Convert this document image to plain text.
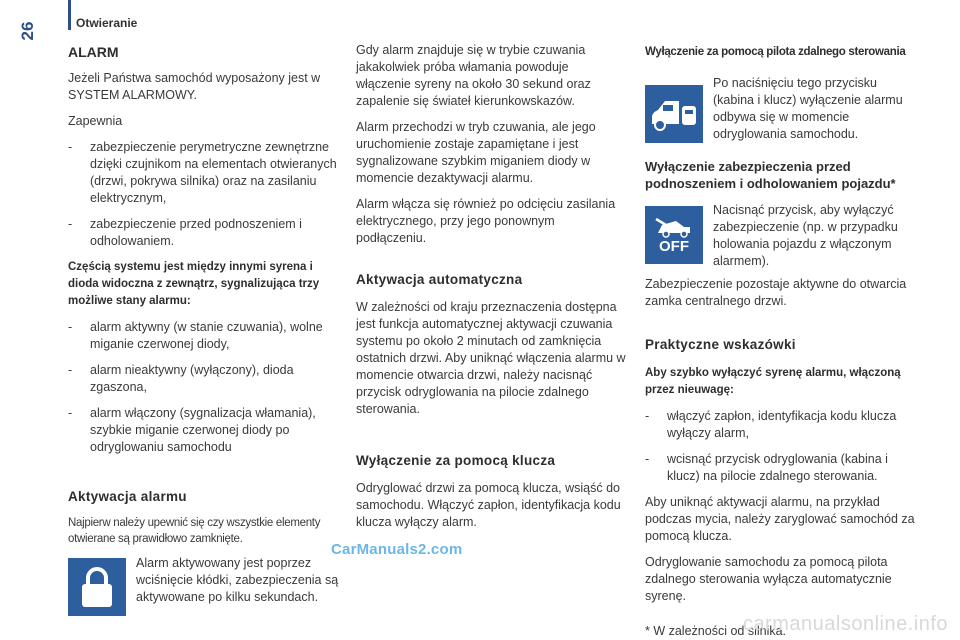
26	Otwieranie
ALARM
Jeżeli Państwa samochód wyposażony jest w SYSTEM ALARMOWY.
Zapewnia
-	zabezpieczenie perymetryczne zewnętrzne dzięki czujnikom na elementach otwieranych (drzwi, pokrywa silnika) oraz na zasilaniu elektrycznym,
-	zabezpieczenie przed podnoszeniem i odholowaniem.
Częścią systemu jest między innymi syrena i dioda widoczna z zewnątrz, sygnalizująca trzy możliwe stany alarmu:
-	alarm aktywny (w stanie czuwania), wolne miganie czerwonej diody,
-	alarm nieaktywny (wyłączony), dioda zgaszona,
-	alarm włączony (sygnalizacja włamania), szybkie miganie czerwonej diody po odryglowaniu samochodu
Aktywacja alarmu
Najpierw należy upewnić się czy wszystkie elementy otwierane są prawidłowo zamknięte.
Alarm aktywowany jest poprzez wciśnięcie kłódki, zabezpieczenia są aktywowane po kilku sekundach.
Gdy alarm znajduje się w trybie czuwania jakakolwiek próba włamania powoduje włączenie syreny na około 30 sekund oraz zapalenie się świateł kierunkowskazów.
Alarm przechodzi w tryb czuwania, ale jego uruchomienie zostaje zapamiętane i jest sygnalizowane szybkim miganiem diody w momencie dezaktywacji alarmu.
Alarm włącza się również po odcięciu zasilania elektrycznego, przy jego ponownym podłączeniu.
Aktywacja automatyczna
W zależności od kraju przeznaczenia dostępna jest funkcja automatycznej aktywacji czuwania systemu po około 2 minutach od zamknięcia ostatnich drzwi. Aby uniknąć włączenia alarmu w momencie otwarcia drzwi, należy nacisnąć przycisk odryglowania na pilocie zdalnego sterowania.
Wyłączenie za pomocą klucza
Odryglować drzwi za pomocą klucza, wsiąść do samochodu. Włączyć zapłon, identyfikacja kodu klucza wyłączy alarm.
Wyłączenie za pomocą pilota zdalnego sterowania
Po naciśnięciu tego przycisku (kabina i klucz) wyłączenie alarmu odbywa się w momencie odryglowania samochodu.
Wyłączenie zabezpieczenia przed podnoszeniem i odholowaniem pojazdu*
OFF
Nacisnąć przycisk, aby wyłączyć zabezpieczenie (np. w przypadku holowania pojazdu z włączonym alarmem).
Zabezpieczenie pozostaje aktywne do otwarcia zamka centralnego drzwi.
Praktyczne wskazówki
Aby szybko wyłączyć syrenę alarmu, włączoną przez nieuwagę:
-	włączyć zapłon, identyfikacja kodu klucza wyłączy alarm,
-	wcisnąć przycisk odryglowania (kabina i klucz) na pilocie zdalnego sterowania.
Aby uniknąć aktywacji alarmu, na przykład podczas mycia, należy zaryglować samochód za pomocą klucza.
Odryglowanie samochodu za pomocą pilota zdalnego sterowania wyłącza automatycznie syrenę.
* W zależności od silnika.
CarManuals2.com
carmanualsonline.info
